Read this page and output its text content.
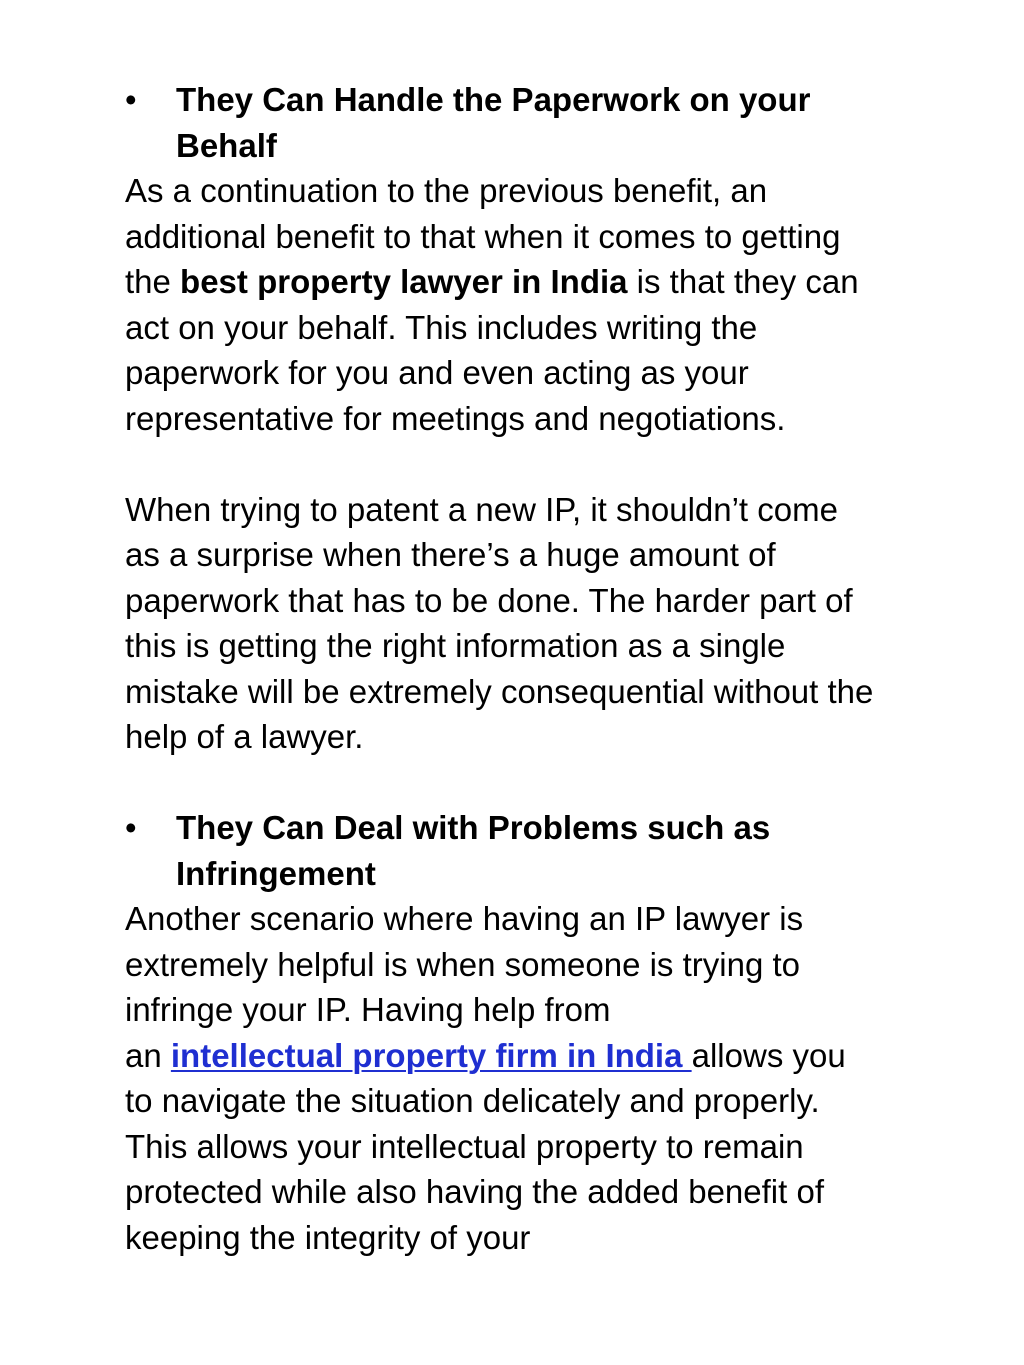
•	They Can Handle the Paperwork on your Behalf

As a continuation to the previous benefit, an additional benefit to that when it comes to getting the best property lawyer in India is that they can act on your behalf. This includes writing the paperwork for you and even acting as your representative for meetings and negotiations.

When trying to patent a new IP, it shouldn’t come as a surprise when there’s a huge amount of paperwork that has to be done. The harder part of this is getting the right information as a single mistake will be extremely consequential without the help of a lawyer.

•	They Can Deal with Problems such as Infringement

Another scenario where having an IP lawyer is extremely helpful is when someone is trying to infringe your IP. Having help from
an intellectual property firm in India allows you to navigate the situation delicately and properly. This allows your intellectual property to remain protected while also having the added benefit of keeping the integrity of your
